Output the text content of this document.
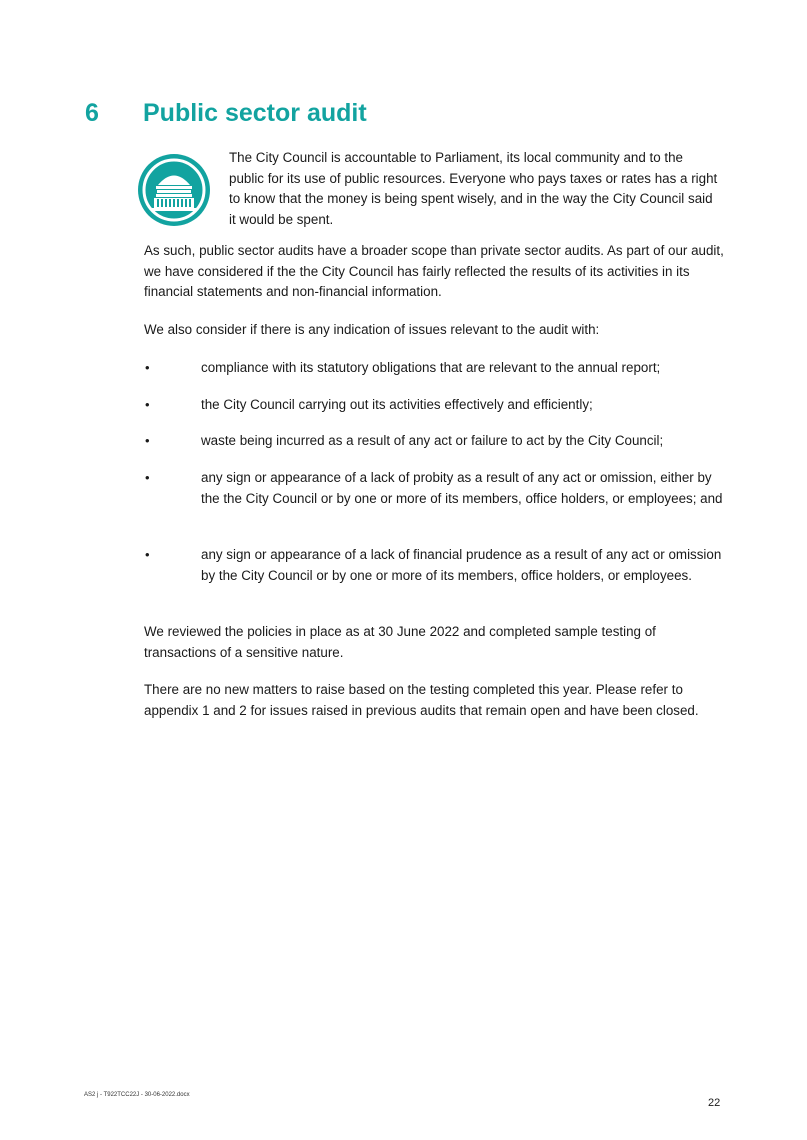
6	Public sector audit
The City Council is accountable to Parliament, its local community and to the public for its use of public resources. Everyone who pays taxes or rates has a right to know that the money is being spent wisely, and in the way the City Council said it would be spent.

As such, public sector audits have a broader scope than private sector audits. As part of our audit, we have considered if the the City Council has fairly reflected the results of its activities in its financial statements and non-financial information.

We also consider if there is any indication of issues relevant to the audit with:

•	compliance with its statutory obligations that are relevant to the annual report;
•	the City Council carrying out its activities effectively and efficiently;
•	waste being incurred as a result of any act or failure to act by the City Council;
•	any sign or appearance of a lack of probity as a result of any act or omission, either by the the City Council or by one or more of its members, office holders, or employees; and
•	any sign or appearance of a lack of financial prudence as a result of any act or omission by the City Council or by one or more of its members, office holders, or employees.

We reviewed the policies in place as at 30 June 2022 and completed sample testing of transactions of a sensitive nature.

There are no new matters to raise based on the testing completed this year. Please refer to appendix 1 and 2 for issues raised in previous audits that remain open and have been closed.

AS2 j - T922TCC22J - 30-06-2022.docx
22
